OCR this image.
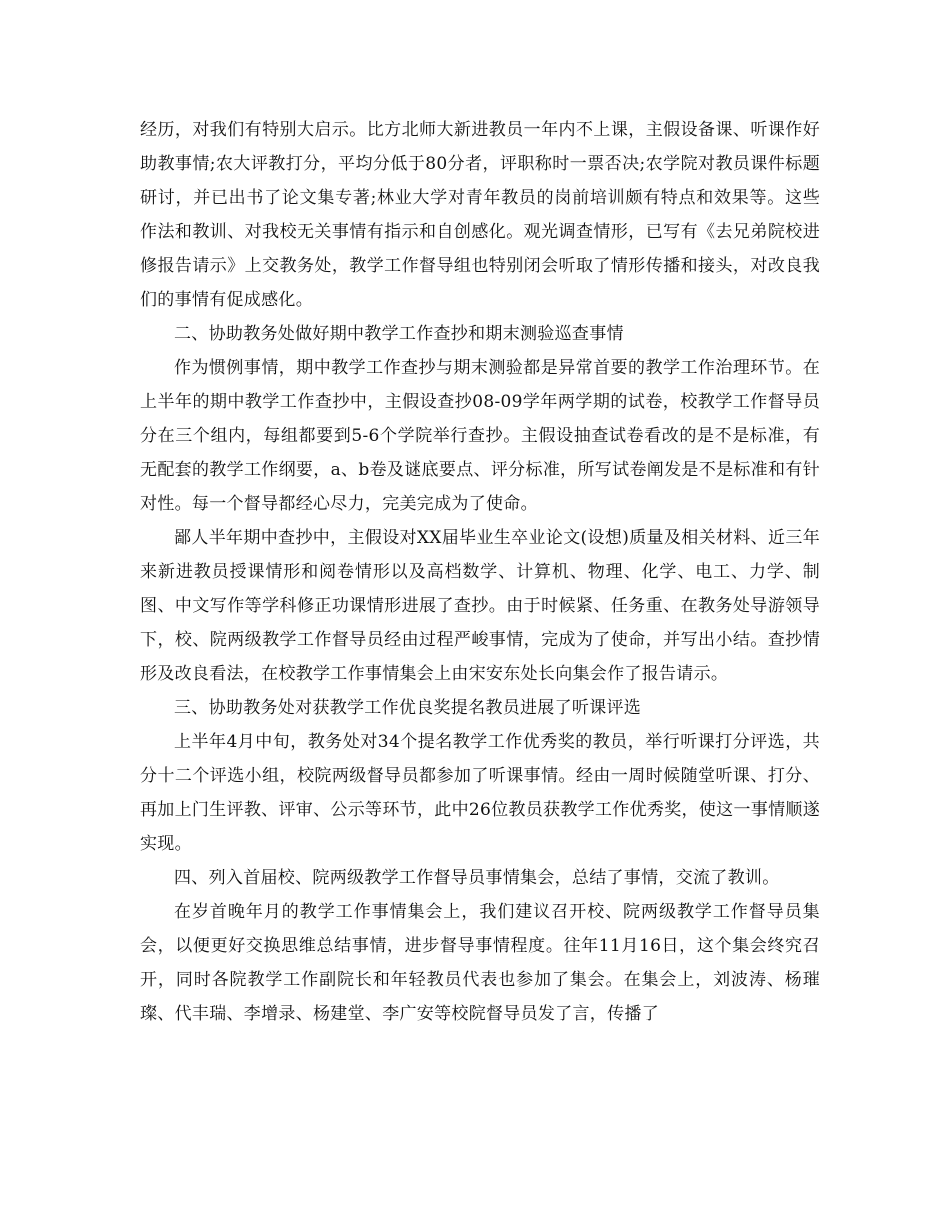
经历，对我们有特别大启示。比方北师大新进教员一年内不上课，主假设备课、听课作好助教事情;农大评教打分，平均分低于80分者，评职称时一票否决;农学院对教员课件标题研讨，并已出书了论文集专著;林业大学对青年教员的岗前培训颇有特点和效果等。这些作法和教训、对我校无关事情有指示和自创感化。观光调查情形，已写有《去兄弟院校进修报告请示》上交教务处，教学工作督导组也特别闭会听取了情形传播和接头，对改良我们的事情有促成感化。

二、协助教务处做好期中教学工作查抄和期末测验巡查事情

作为惯例事情，期中教学工作查抄与期末测验都是异常首要的教学工作治理环节。在上半年的期中教学工作查抄中，主假设查抄08-09学年两学期的试卷，校教学工作督导员分在三个组内，每组都要到5-6个学院举行查抄。主假设抽查试卷看改的是不是标准，有无配套的教学工作纲要，a、b卷及谜底要点、评分标准，所写试卷阐发是不是标准和有针对性。每一个督导都经心尽力，完美完成为了使命。

鄙人半年期中查抄中，主假设对XX届毕业生卒业论文(设想)质量及相关材料、近三年来新进教员授课情形和阅卷情形以及高档数学、计算机、物理、化学、电工、力学、制图、中文写作等学科修正功课情形进展了查抄。由于时候紧、任务重、在教务处导游领导下，校、院两级教学工作督导员经由过程严峻事情，完成为了使命，并写出小结。查抄情形及改良看法，在校教学工作事情集会上由宋安东处长向集会作了报告请示。

三、协助教务处对获教学工作优良奖提名教员进展了听课评选

上半年4月中旬，教务处对34个提名教学工作优秀奖的教员，举行听课打分评选，共分十二个评选小组，校院两级督导员都参加了听课事情。经由一周时候随堂听课、打分、再加上门生评教、评审、公示等环节，此中26位教员获教学工作优秀奖，使这一事情顺遂实现。

四、列入首届校、院两级教学工作督导员事情集会，总结了事情，交流了教训。

在岁首晚年月的教学工作事情集会上，我们建议召开校、院两级教学工作督导员集会，以便更好交换思维总结事情，进步督导事情程度。往年11月16日，这个集会终究召开，同时各院教学工作副院长和年轻教员代表也参加了集会。在集会上，刘波涛、杨璀璨、代丰瑞、李增录、杨建堂、李广安等校院督导员发了言，传播了
